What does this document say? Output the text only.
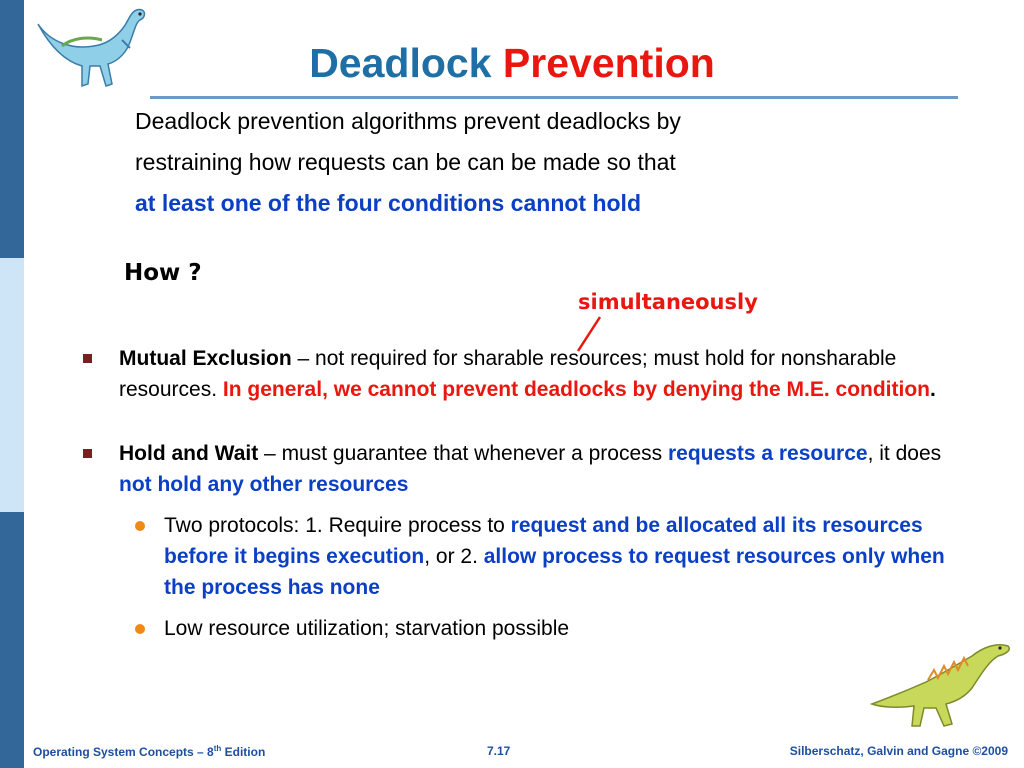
Deadlock Prevention
Deadlock prevention algorithms prevent deadlocks by
restraining how requests can be can be made so that
at least one of the four conditions cannot hold
How ?
simultaneously
Mutual Exclusion – not required for sharable resources; must hold for nonsharable resources. In general, we cannot prevent deadlocks by denying the M.E. condition.
Hold and Wait – must guarantee that whenever a process requests a resource, it does not hold any other resources
Two protocols: 1. Require process to request and be allocated all its resources before it begins execution, or 2. allow process to request resources only when the process has none
Low resource utilization; starvation possible
Operating System Concepts – 8th Edition	7.17	Silberschatz, Galvin and Gagne ©2009
